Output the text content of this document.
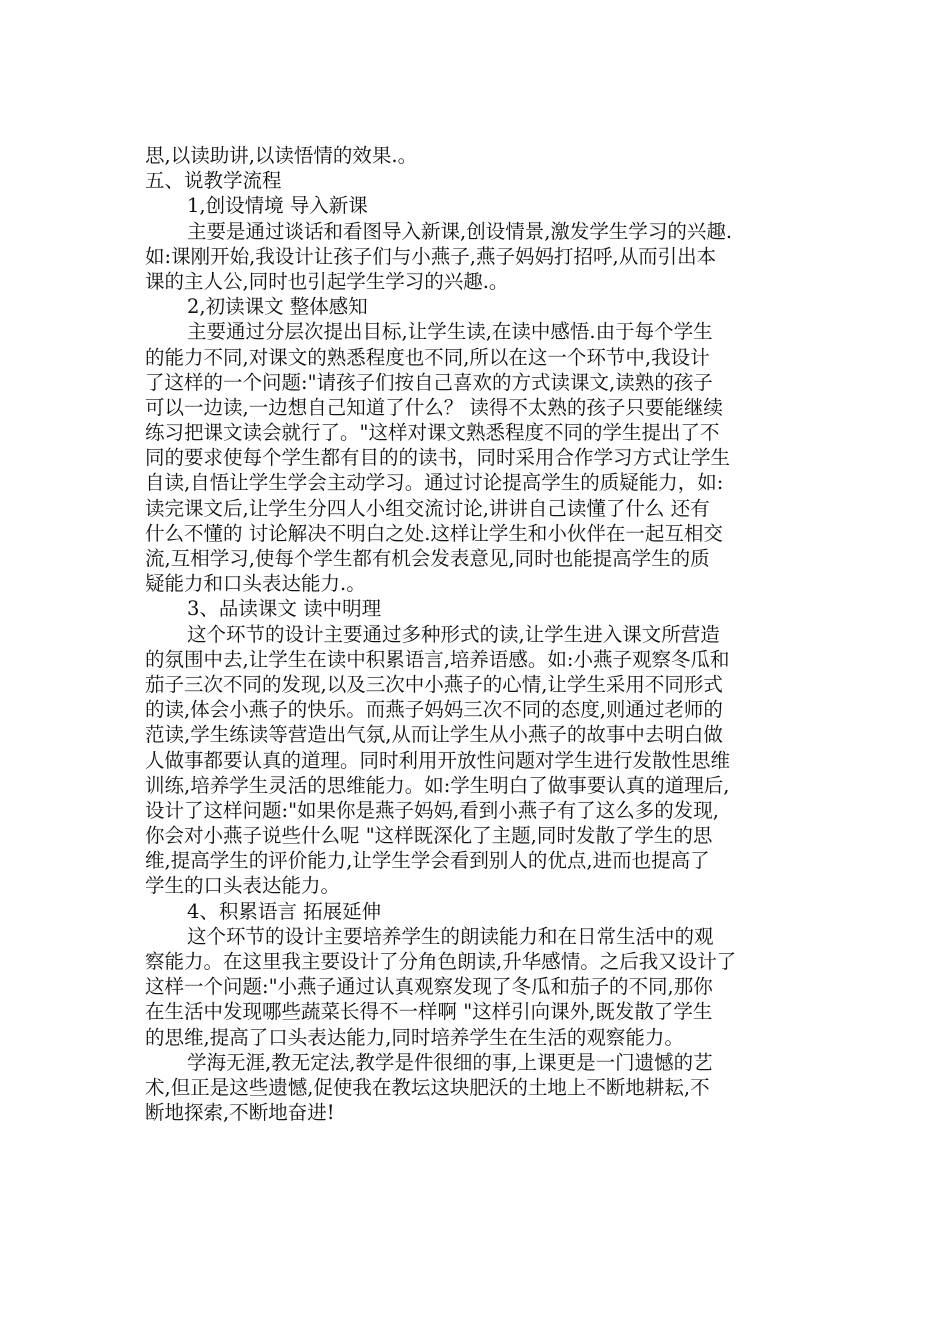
思,以读助讲,以读悟情的效果.。
五、说教学流程
1,创设情境 导入新课
主要是通过谈话和看图导入新课,创设情景,激发学生学习的兴趣.
如:课刚开始,我设计让孩子们与小燕子,燕子妈妈打招呼,从而引出本
课的主人公,同时也引起学生学习的兴趣.。
2,初读课文 整体感知
主要通过分层次提出目标,让学生读,在读中感悟.由于每个学生
的能力不同,对课文的熟悉程度也不同,所以在这一个环节中,我设计
了这样的一个问题:"请孩子们按自己喜欢的方式读课文,读熟的孩子
可以一边读,一边想自己知道了什么？ 读得不太熟的孩子只要能继续
练习把课文读会就行了。"这样对课文熟悉程度不同的学生提出了不
同的要求使每个学生都有目的的读书，同时采用合作学习方式让学生
自读,自悟让学生学会主动学习。通过讨论提高学生的质疑能力，如:
读完课文后,让学生分四人小组交流讨论,讲讲自己读懂了什么 还有
什么不懂的 讨论解决不明白之处.这样让学生和小伙伴在一起互相交
流,互相学习,使每个学生都有机会发表意见,同时也能提高学生的质
疑能力和口头表达能力.。
3、品读课文 读中明理
这个环节的设计主要通过多种形式的读,让学生进入课文所营造
的氛围中去,让学生在读中积累语言,培养语感。如:小燕子观察冬瓜和
茄子三次不同的发现,以及三次中小燕子的心情,让学生采用不同形式
的读,体会小燕子的快乐。而燕子妈妈三次不同的态度,则通过老师的
范读,学生练读等营造出气氛,从而让学生从小燕子的故事中去明白做
人做事都要认真的道理。同时利用开放性问题对学生进行发散性思维
训练,培养学生灵活的思维能力。如:学生明白了做事要认真的道理后,
设计了这样问题:"如果你是燕子妈妈,看到小燕子有了这么多的发现,
你会对小燕子说些什么呢 "这样既深化了主题,同时发散了学生的思
维,提高学生的评价能力,让学生学会看到别人的优点,进而也提高了
学生的口头表达能力。
4、积累语言 拓展延伸
这个环节的设计主要培养学生的朗读能力和在日常生活中的观
察能力。在这里我主要设计了分角色朗读,升华感情。之后我又设计了
这样一个问题:"小燕子通过认真观察发现了冬瓜和茄子的不同,那你
在生活中发现哪些蔬菜长得不一样啊 "这样引向课外,既发散了学生
的思维,提高了口头表达能力,同时培养学生在生活的观察能力。
学海无涯,教无定法,教学是件很细的事,上课更是一门遗憾的艺
术,但正是这些遗憾,促使我在教坛这块肥沃的土地上不断地耕耘,不
断地探索,不断地奋进!
